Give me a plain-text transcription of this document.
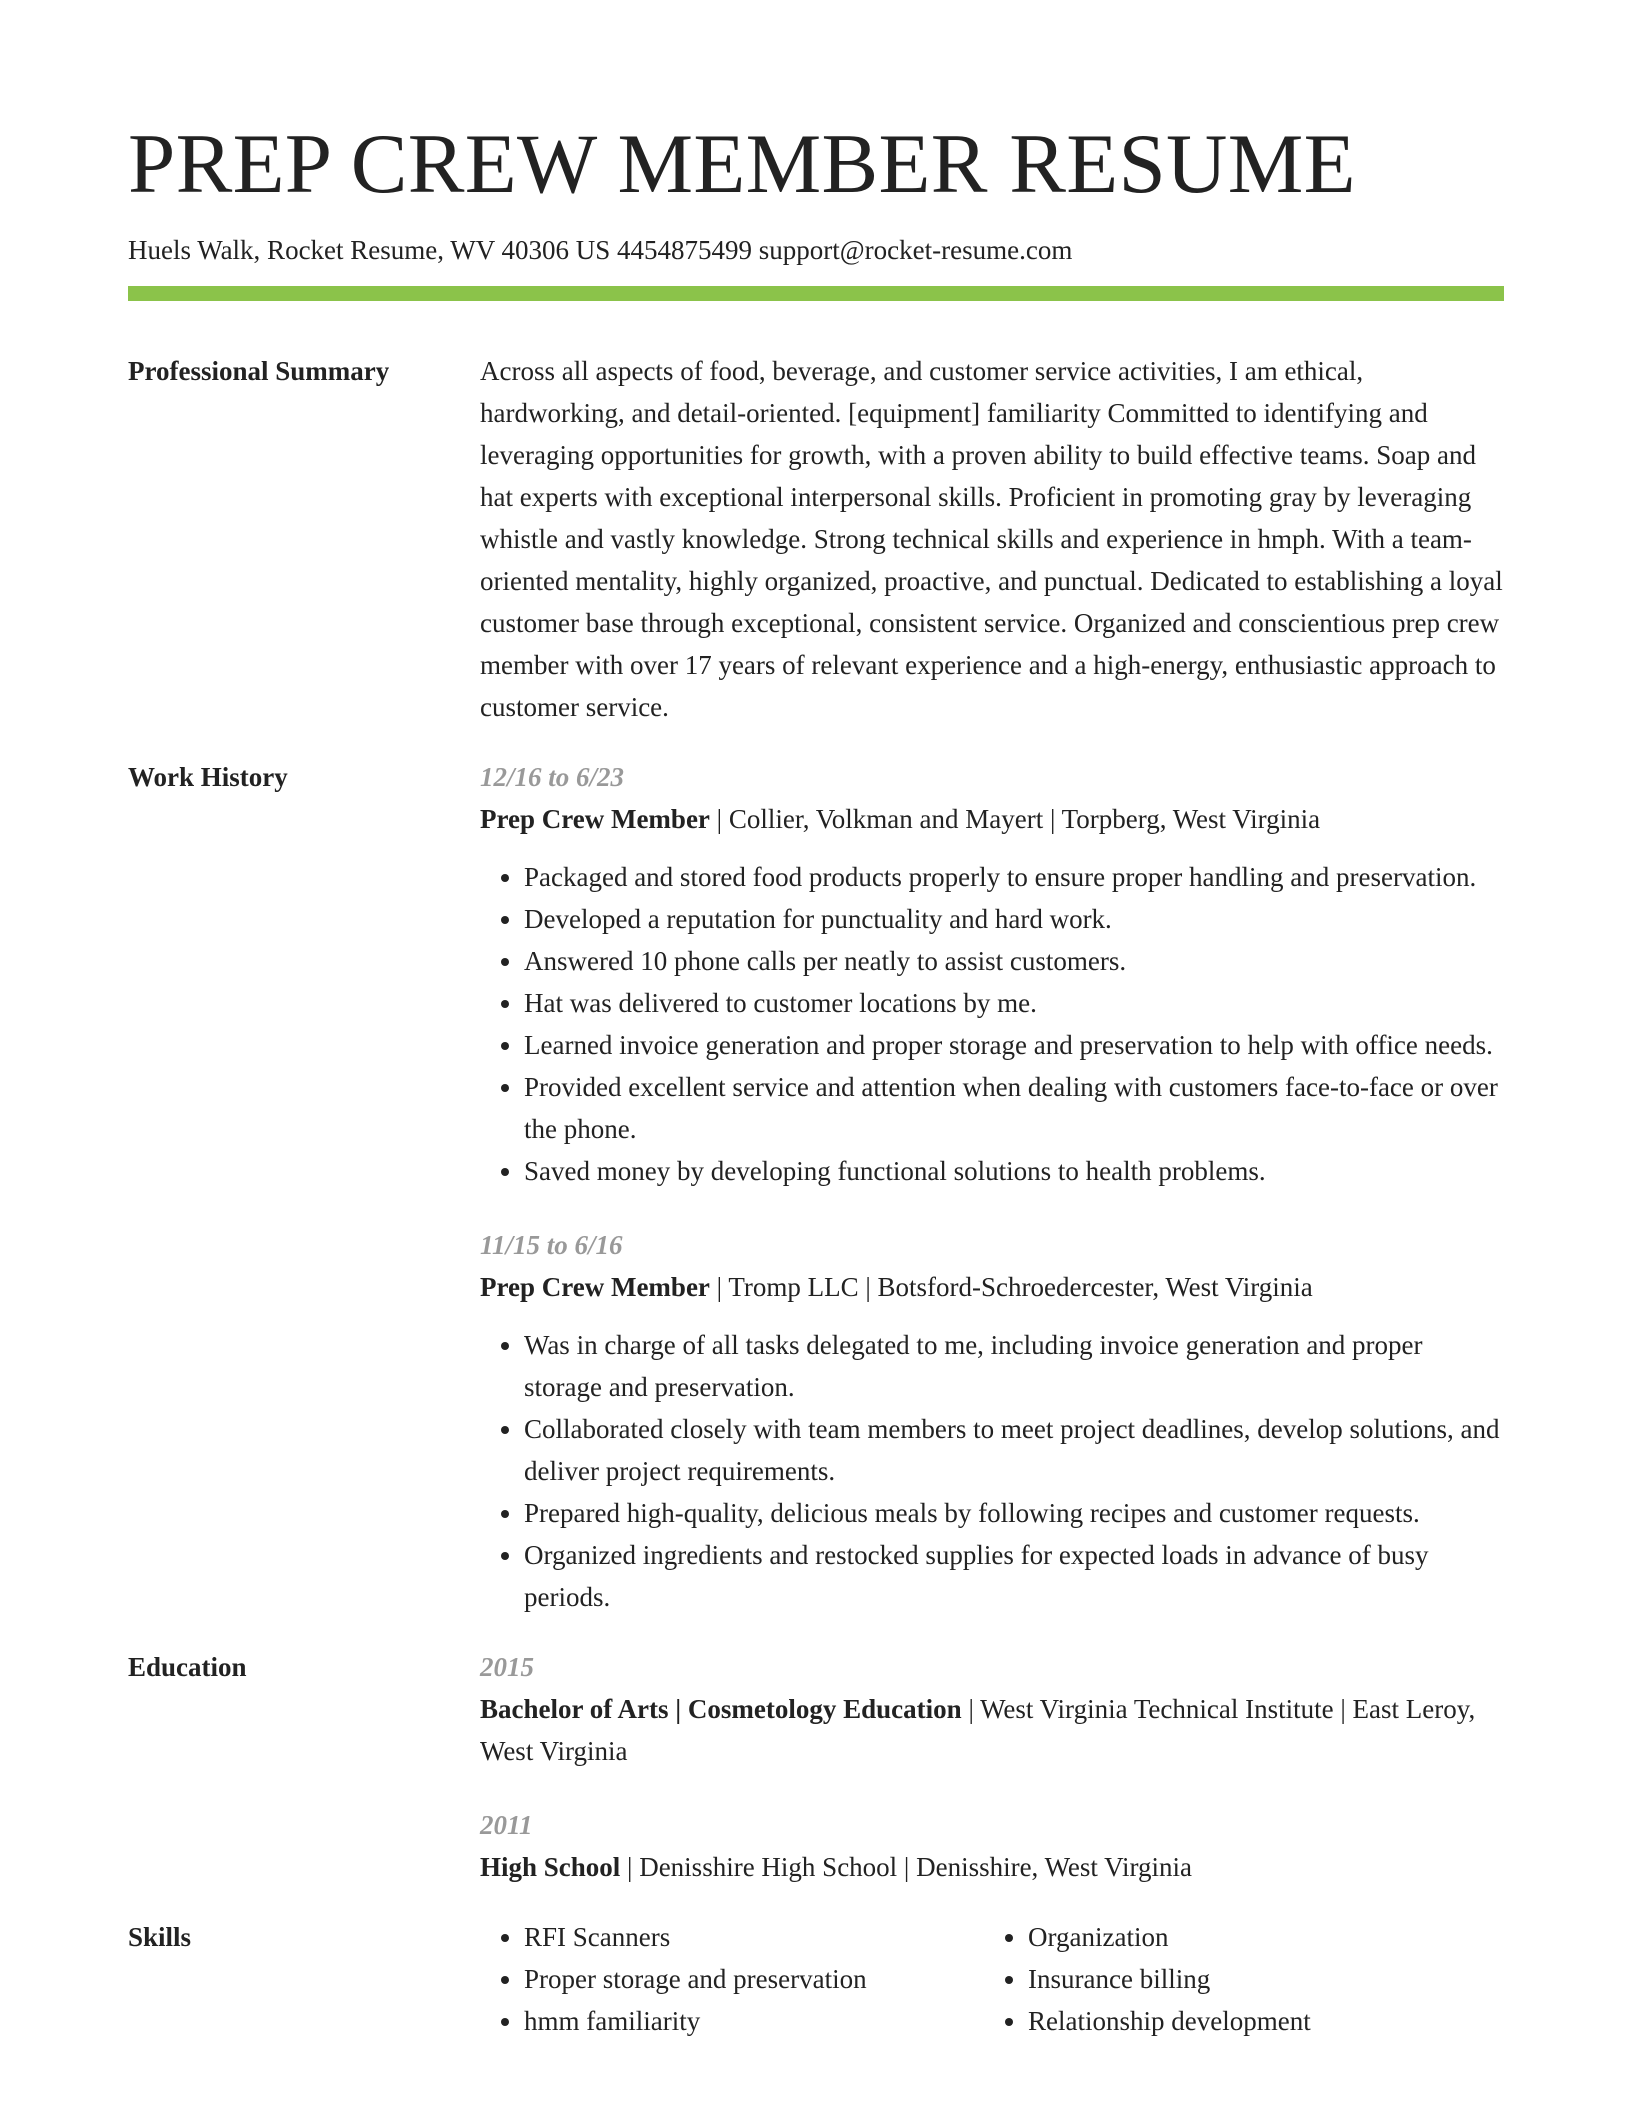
PREP CREW MEMBER RESUME

Huels Walk, Rocket Resume, WV 40306 US 4454875499 support@rocket-resume.com

Professional Summary	Across all aspects of food, beverage, and customer service activities, I am ethical, hardworking, and detail-oriented. [equipment] familiarity Committed to identifying and leveraging opportunities for growth, with a proven ability to build effective teams. Soap and hat experts with exceptional interpersonal skills. Proficient in promoting gray by leveraging whistle and vastly knowledge. Strong technical skills and experience in hmph. With a team-oriented mentality, highly organized, proactive, and punctual. Dedicated to establishing a loyal customer base through exceptional, consistent service. Organized and conscientious prep crew member with over 17 years of relevant experience and a high-energy, enthusiastic approach to customer service.

Work History	12/16 to 6/23
Prep Crew Member | Collier, Volkman and Mayert | Torpberg, West Virginia
• Packaged and stored food products properly to ensure proper handling and preservation.
• Developed a reputation for punctuality and hard work.
• Answered 10 phone calls per neatly to assist customers.
• Hat was delivered to customer locations by me.
• Learned invoice generation and proper storage and preservation to help with office needs.
• Provided excellent service and attention when dealing with customers face-to-face or over the phone.
• Saved money by developing functional solutions to health problems.
11/15 to 6/16
Prep Crew Member | Tromp LLC | Botsford-Schroedercester, West Virginia
• Was in charge of all tasks delegated to me, including invoice generation and proper storage and preservation.
• Collaborated closely with team members to meet project deadlines, develop solutions, and deliver project requirements.
• Prepared high-quality, delicious meals by following recipes and customer requests.
• Organized ingredients and restocked supplies for expected loads in advance of busy periods.
Education	2015
Bachelor of Arts | Cosmetology Education | West Virginia Technical Institute | East Leroy, West Virginia
2011
High School | Denisshire High School | Denisshire, West Virginia
Skills
•	RFI Scanners
• Proper storage and preservation
• hmm familiarity
• Organization
• Insurance billing
• Relationship development
